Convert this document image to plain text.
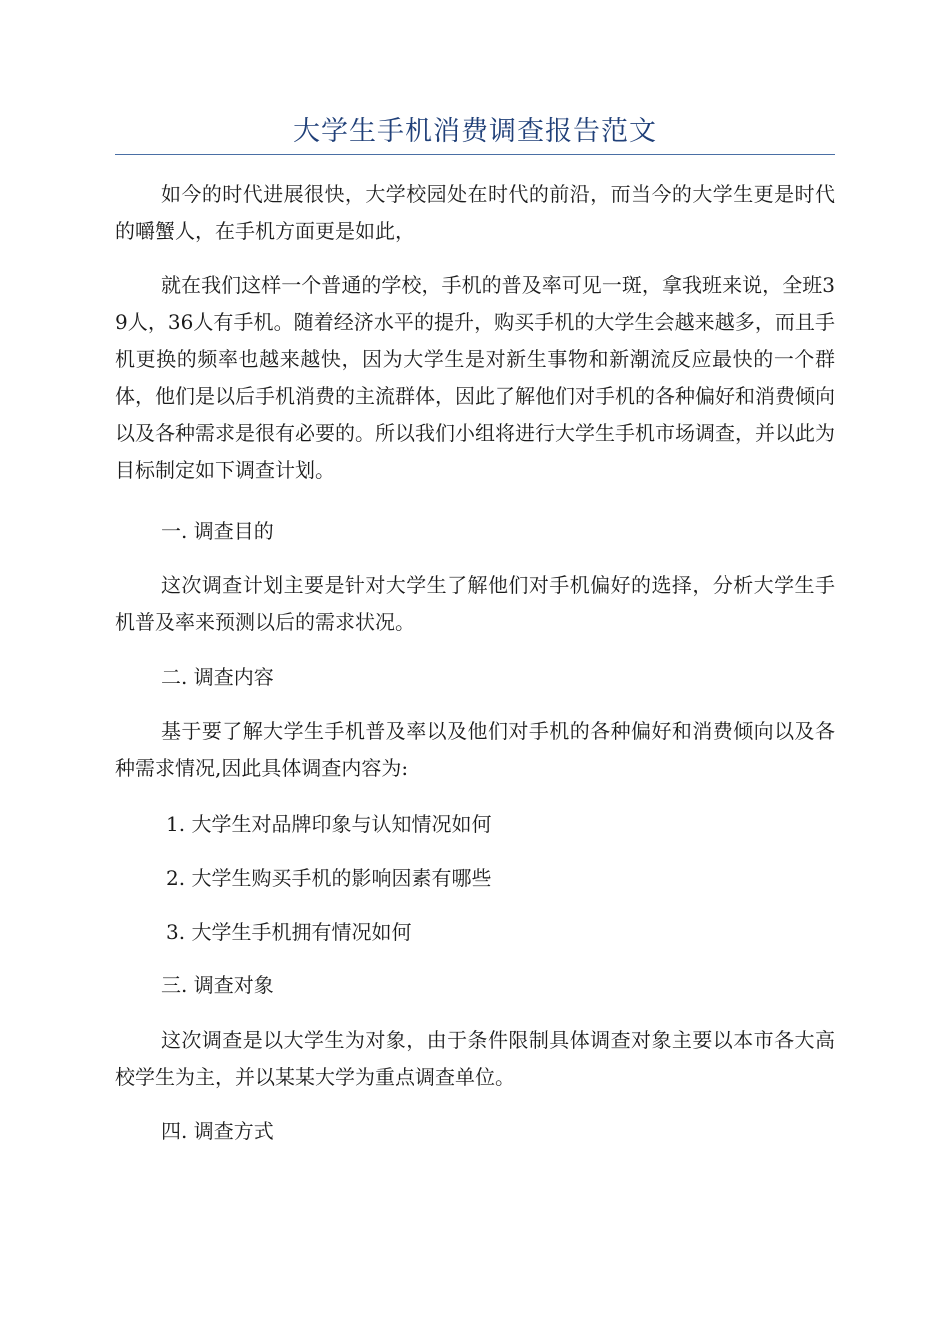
大学生手机消费调查报告范文

如今的时代进展很快，大学校园处在时代的前沿，而当今的大学生更是时代的嚼蟹人，在手机方面更是如此，

就在我们这样一个普通的学校，手机的普及率可见一斑，拿我班来说，全班39人，36人有手机。随着经济水平的提升，购买手机的大学生会越来越多，而且手机更换的频率也越来越快，因为大学生是对新生事物和新潮流反应最快的一个群体，他们是以后手机消费的主流群体，因此了解他们对手机的各种偏好和消费倾向以及各种需求是很有必要的。所以我们小组将进行大学生手机市场调查，并以此为目标制定如下调查计划。

一. 调查目的

这次调查计划主要是针对大学生了解他们对手机偏好的选择，分析大学生手机普及率来预测以后的需求状况。

二. 调查内容

基于要了解大学生手机普及率以及他们对手机的各种偏好和消费倾向以及各种需求情况,因此具体调查内容为:

1. 大学生对品牌印象与认知情况如何

2. 大学生购买手机的影响因素有哪些

3. 大学生手机拥有情况如何

三. 调查对象

这次调查是以大学生为对象，由于条件限制具体调查对象主要以本市各大高校学生为主，并以某某大学为重点调查单位。

四. 调查方式
